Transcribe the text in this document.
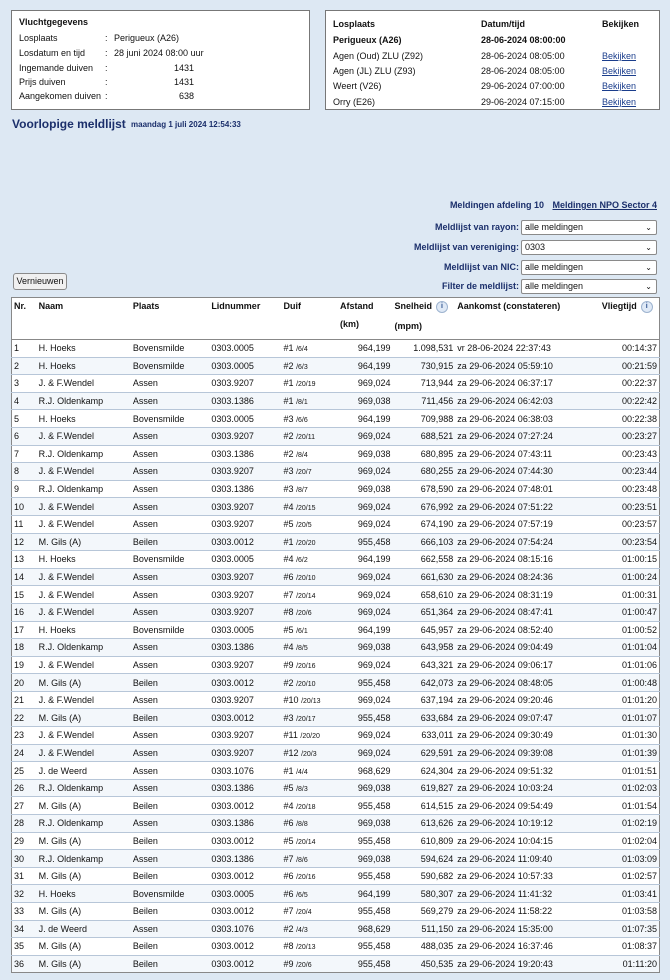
Vluchtgegevens
Losplaats	: Perigueux (A26)
Losdatum en tijd : 28 juni 2024 08:00 uur
Ingemande duiven :	1431
Prijs duiven	:	1431
Aangekomen duiven :	638
Losplaats	Datum/tijd	Bekijken
Perigueux (A26)	28-06-2024 08:00:00
Agen (Oud) ZLU (Z92)	28-06-2024 08:05:00	Bekijken
Agen (JL) ZLU (Z93)	28-06-2024 08:05:00	Bekijken
Weert (V26)	29-06-2024 07:00:00	Bekijken
Orry (E26)	29-06-2024 07:15:00	Bekijken
Voorlopige meldlijst maandag 1 juli 2024 12:54:33
Meldingen afdeling 10 Meldingen NPO Sector 4
Meldlijst van rayon: alle meldingen	⌄
Meldlijst van vereniging: 0303	⌄
Meldlijst van NIC: alle meldingen	⌄
Filter de meldlijst: alle meldingen	⌄
Vernieuwen
Nr.	Naam	Plaats	Lidnummer	Duif	Afstand
(km)	Snelheid i
(mpm)	Aankomst (constateren)	Vliegtijd i
1	H. Hoeks	Bovensmilde	0303.0005	#1 /6/4	964,199	1.098,531	vr 28-06-2024 22:37:43	00:14:37
2	H. Hoeks	Bovensmilde	0303.0005	#2 /6/3	964,199	730,915	za 29-06-2024 05:59:10	00:21:59
3	J. & F.Wendel	Assen	0303.9207	#1 /20/19	969,024	713,944	za 29-06-2024 06:37:17	00:22:37
4	R.J. Oldenkamp	Assen	0303.1386	#1 /8/1	969,038	711,456	za 29-06-2024 06:42:03	00:22:42
5	H. Hoeks	Bovensmilde	0303.0005	#3 /6/6	964,199	709,988	za 29-06-2024 06:38:03	00:22:38
6	J. & F.Wendel	Assen	0303.9207	#2 /20/11	969,024	688,521	za 29-06-2024 07:27:24	00:23:27
7	R.J. Oldenkamp	Assen	0303.1386	#2 /8/4	969,038	680,895	za 29-06-2024 07:43:11	00:23:43
8	J. & F.Wendel	Assen	0303.9207	#3 /20/7	969,024	680,255	za 29-06-2024 07:44:30	00:23:44
9	R.J. Oldenkamp	Assen	0303.1386	#3 /8/7	969,038	678,590	za 29-06-2024 07:48:01	00:23:48
10	J. & F.Wendel	Assen	0303.9207	#4 /20/15	969,024	676,992	za 29-06-2024 07:51:22	00:23:51
11	J. & F.Wendel	Assen	0303.9207	#5 /20/5	969,024	674,190	za 29-06-2024 07:57:19	00:23:57
12	M. Gils (A)	Beilen	0303.0012	#1 /20/20	955,458	666,103	za 29-06-2024 07:54:24	00:23:54
13	H. Hoeks	Bovensmilde	0303.0005	#4 /6/2	964,199	662,558	za 29-06-2024 08:15:16	01:00:15
14	J. & F.Wendel	Assen	0303.9207	#6 /20/10	969,024	661,630	za 29-06-2024 08:24:36	01:00:24
15	J. & F.Wendel	Assen	0303.9207	#7 /20/14	969,024	658,610	za 29-06-2024 08:31:19	01:00:31
16	J. & F.Wendel	Assen	0303.9207	#8 /20/6	969,024	651,364	za 29-06-2024 08:47:41	01:00:47
17	H. Hoeks	Bovensmilde	0303.0005	#5 /6/1	964,199	645,957	za 29-06-2024 08:52:40	01:00:52
18	R.J. Oldenkamp	Assen	0303.1386	#4 /8/5	969,038	643,958	za 29-06-2024 09:04:49	01:01:04
19	J. & F.Wendel	Assen	0303.9207	#9 /20/16	969,024	643,321	za 29-06-2024 09:06:17	01:01:06
20	M. Gils (A)	Beilen	0303.0012	#2 /20/10	955,458	642,073	za 29-06-2024 08:48:05	01:00:48
21	J. & F.Wendel	Assen	0303.9207	#10 /20/13	969,024	637,194	za 29-06-2024 09:20:46	01:01:20
22	M. Gils (A)	Beilen	0303.0012	#3 /20/17	955,458	633,684	za 29-06-2024 09:07:47	01:01:07
23	J. & F.Wendel	Assen	0303.9207	#11 /20/20	969,024	633,011	za 29-06-2024 09:30:49	01:01:30
24	J. & F.Wendel	Assen	0303.9207	#12 /20/3	969,024	629,591	za 29-06-2024 09:39:08	01:01:39
25	J. de Weerd	Assen	0303.1076	#1 /4/4	968,629	624,304	za 29-06-2024 09:51:32	01:01:51
26	R.J. Oldenkamp	Assen	0303.1386	#5 /8/3	969,038	619,827	za 29-06-2024 10:03:24	01:02:03
27	M. Gils (A)	Beilen	0303.0012	#4 /20/18	955,458	614,515	za 29-06-2024 09:54:49	01:01:54
28	R.J. Oldenkamp	Assen	0303.1386	#6 /8/8	969,038	613,626	za 29-06-2024 10:19:12	01:02:19
29	M. Gils (A)	Beilen	0303.0012	#5 /20/14	955,458	610,809	za 29-06-2024 10:04:15	01:02:04
30	R.J. Oldenkamp	Assen	0303.1386	#7 /8/6	969,038	594,624	za 29-06-2024 11:09:40	01:03:09
31	M. Gils (A)	Beilen	0303.0012	#6 /20/16	955,458	590,682	za 29-06-2024 10:57:33	01:02:57
32	H. Hoeks	Bovensmilde	0303.0005	#6 /6/5	964,199	580,307	za 29-06-2024 11:41:32	01:03:41
33	M. Gils (A)	Beilen	0303.0012	#7 /20/4	955,458	569,279	za 29-06-2024 11:58:22	01:03:58
34	J. de Weerd	Assen	0303.1076	#2 /4/3	968,629	511,150	za 29-06-2024 15:35:00	01:07:35
35	M. Gils (A)	Beilen	0303.0012	#8 /20/13	955,458	488,035	za 29-06-2024 16:37:46	01:08:37
36	M. Gils (A)	Beilen	0303.0012	#9 /20/6	955,458	450,535	za 29-06-2024 19:20:43	01:11:20
